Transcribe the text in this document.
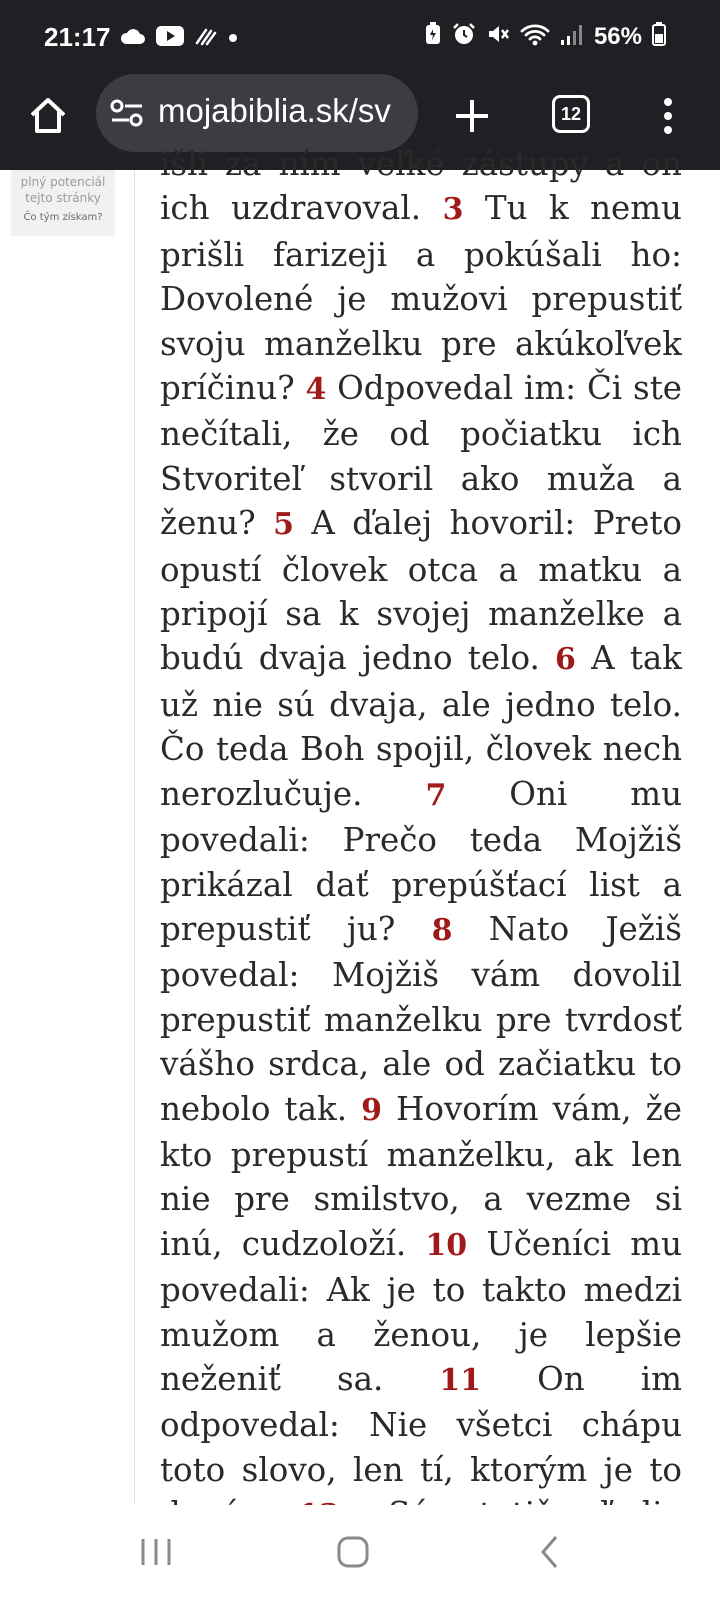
21:17	56%
mojabiblia.sk/sv	12
plný potenciál
tejto stránky
Čo tým získam?
išli za ním veľké zástupy a on ich uzdravoval. 3 Tu k nemu prišli farizeji a pokúšali ho: Dovolené je mužovi prepustiť svoju manželku pre akúkoľvek príčinu? 4 Odpovedal im: Či ste nečítali, že od počiatku ich Stvoriteľ stvoril ako muža a ženu? 5 A ďalej hovoril: Preto opustí človek otca a matku a pripojí sa k svojej manželke a budú dvaja jedno telo. 6 A tak už nie sú dvaja, ale jedno telo. Čo teda Boh spojil, človek nech nerozlučuje. 7 Oni mu povedali: Prečo teda Mojžiš prikázal dať prepúšťací list a prepustiť ju? 8 Nato Ježiš povedal: Mojžiš vám dovolil prepustiť manželku pre tvrdosť vášho srdca, ale od začiatku to nebolo tak. 9 Hovorím vám, že kto prepustí manželku, ak len nie pre smilstvo, a vezme si inú, cudzoloží. 10 Učeníci mu povedali: Ak je to takto medzi mužom a ženou, je lepšie neženiť sa. 11 On im odpovedal: Nie všetci chápu toto slovo, len tí, ktorým je to
